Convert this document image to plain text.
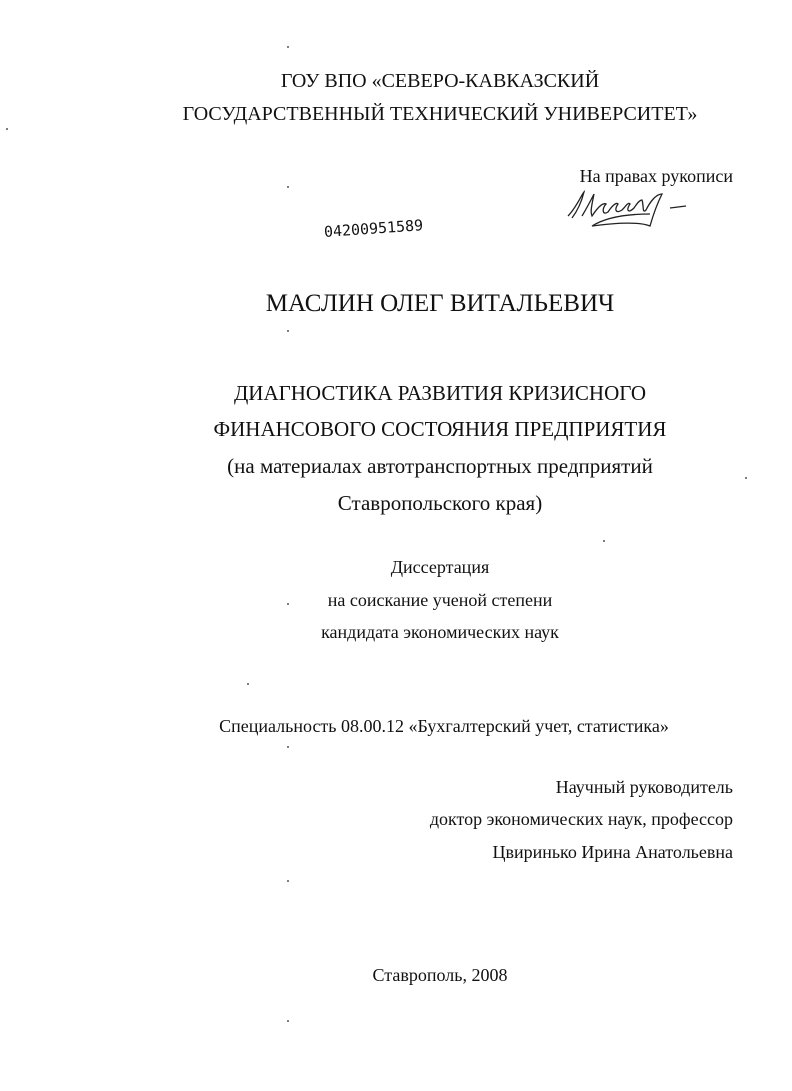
ГОУ ВПО «СЕВЕРО-КАВКАЗСКИЙ
ГОСУДАРСТВЕННЫЙ ТЕХНИЧЕСКИЙ УНИВЕРСИТЕТ»
На правах рукописи
04200951589
МАСЛИН ОЛЕГ ВИТАЛЬЕВИЧ
ДИАГНОСТИКА РАЗВИТИЯ КРИЗИСНОГО
ФИНАНСОВОГО СОСТОЯНИЯ ПРЕДПРИЯТИЯ
(на материалах автотранспортных предприятий
Ставропольского края)
Диссертация
на соискание ученой степени
кандидата экономических наук
Специальность 08.00.12 «Бухгалтерский учет, статистика»
Научный руководитель
доктор экономических наук, профессор
Цвиринько Ирина Анатольевна
Ставрополь, 2008
